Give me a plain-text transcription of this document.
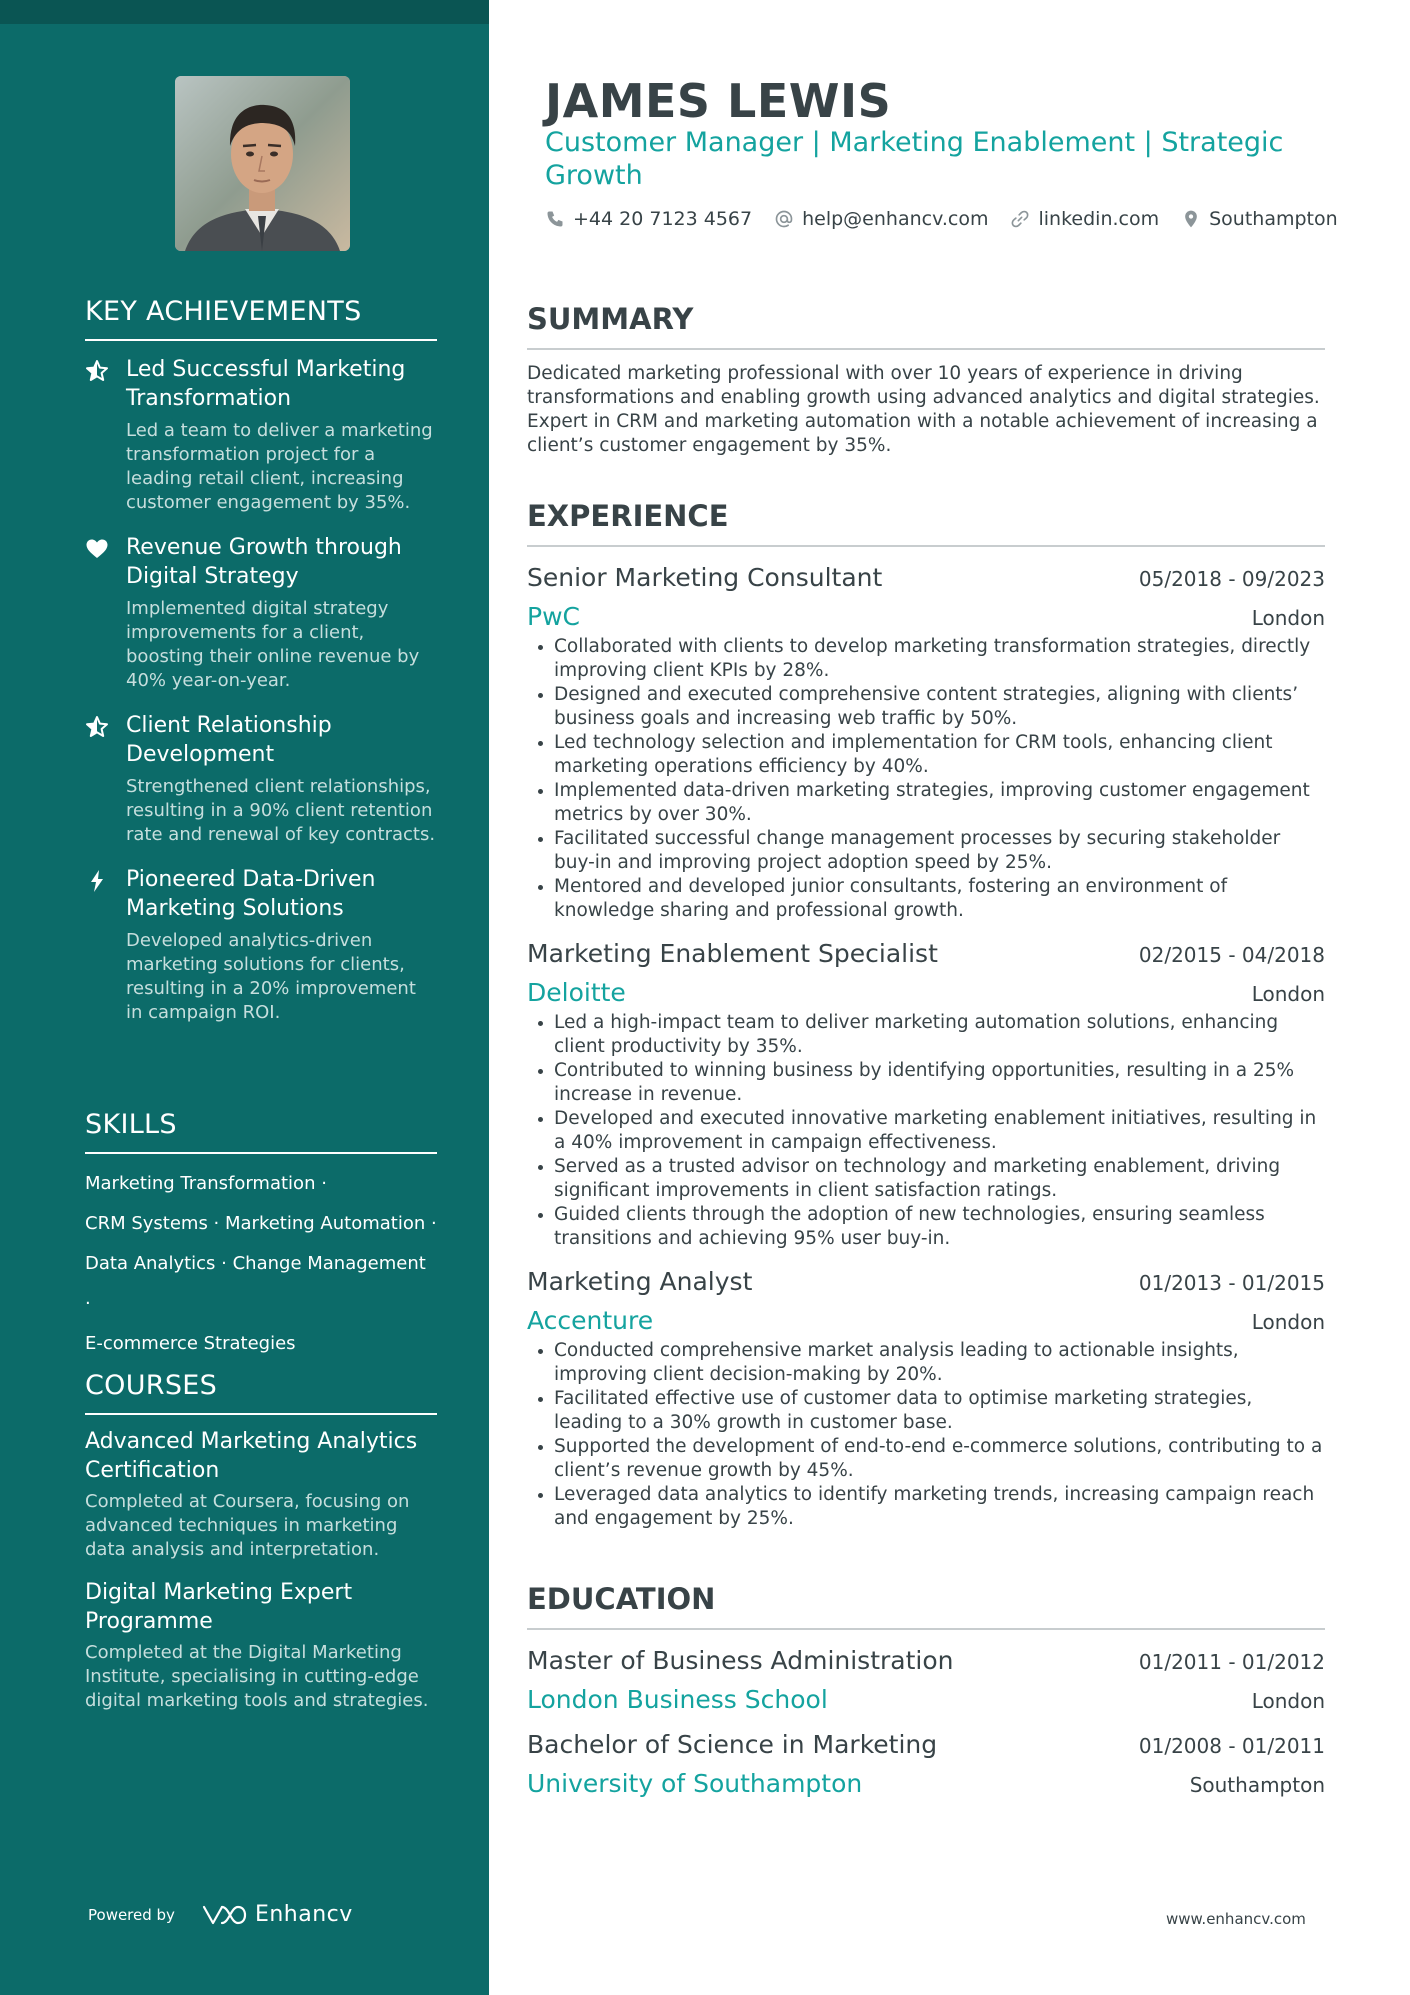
KEY ACHIEVEMENTS
Led Successful Marketing Transformation
Led a team to deliver a marketing transformation project for a leading retail client, increasing customer engagement by 35%.
Revenue Growth through Digital Strategy
Implemented digital strategy improvements for a client, boosting their online revenue by 40% year-on-year.
Client Relationship Development
Strengthened client relationships, resulting in a 90% client retention rate and renewal of key contracts.
Pioneered Data-Driven Marketing Solutions
Developed analytics-driven marketing solutions for clients, resulting in a 20% improvement in campaign ROI.
SKILLS
Marketing Transformation ·
CRM Systems · Marketing Automation ·
Data Analytics · Change Management ·
E-commerce Strategies
COURSES
Advanced Marketing Analytics Certification
Completed at Coursera, focusing on advanced techniques in marketing data analysis and interpretation.
Digital Marketing Expert Programme
Completed at the Digital Marketing Institute, specialising in cutting-edge digital marketing tools and strategies.
Powered by	Enhancv
JAMES LEWIS
Customer Manager | Marketing Enablement | Strategic Growth
+44 20 7123 4567	help@enhancv.com	linkedin.com	Southampton
SUMMARY

Dedicated marketing professional with over 10 years of experience in driving transformations and enabling growth using advanced analytics and digital strategies. Expert in CRM and marketing automation with a notable achievement of increasing a client’s customer engagement by 35%.

EXPERIENCE
Senior Marketing Consultant	05/2018 - 09/2023
PwC	London
Collaborated with clients to develop marketing transformation strategies, directly improving client KPIs by 28%.
Designed and executed comprehensive content strategies, aligning with clients’ business goals and increasing web traffic by 50%.
Led technology selection and implementation for CRM tools, enhancing client marketing operations efficiency by 40%.
Implemented data-driven marketing strategies, improving customer engagement metrics by over 30%.
Facilitated successful change management processes by securing stakeholder buy-in and improving project adoption speed by 25%.
Mentored and developed junior consultants, fostering an environment of knowledge sharing and professional growth.
Marketing Enablement Specialist	02/2015 - 04/2018
Deloitte	London
Led a high-impact team to deliver marketing automation solutions, enhancing client productivity by 35%.
Contributed to winning business by identifying opportunities, resulting in a 25% increase in revenue.
Developed and executed innovative marketing enablement initiatives, resulting in a 40% improvement in campaign effectiveness.
Served as a trusted advisor on technology and marketing enablement, driving significant improvements in client satisfaction ratings.
Guided clients through the adoption of new technologies, ensuring seamless transitions and achieving 95% user buy-in.
Marketing Analyst	01/2013 - 01/2015
Accenture	London
Conducted comprehensive market analysis leading to actionable insights, improving client decision-making by 20%.
Facilitated effective use of customer data to optimise marketing strategies, leading to a 30% growth in customer base.
Supported the development of end-to-end e-commerce solutions, contributing to a client’s revenue growth by 45%.
Leveraged data analytics to identify marketing trends, increasing campaign reach and engagement by 25%.
EDUCATION
Master of Business Administration	01/2011 - 01/2012
London Business School	London
Bachelor of Science in Marketing	01/2008 - 01/2011
University of Southampton	Southampton
www.enhancv.com
